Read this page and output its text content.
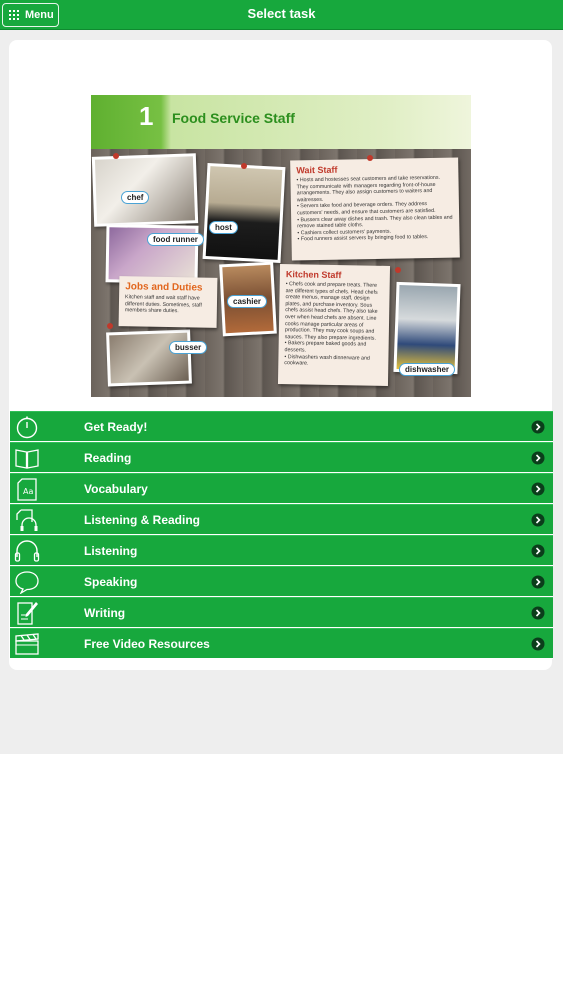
Select task
Menu
1 Food Service Staff
Wait Staff

• Hosts and hostesses seat customers and take reservations. They communicate with managers regarding front-of-house arrangements. They also assign customers to waiters and waitresses.

• Servers take food and beverage orders. They address customers' needs, and ensure that customers are satisfied.

• Bussers clear away dishes and trash. They also clean tables and remove stained table cloths.

• Cashiers collect customers' payments.

• Food runners assist servers by bringing food to tables.

Kitchen Staff

• Chefs cook and prepare treats. There are different types of chefs. Head chefs create menus, manage staff, design plates, and purchase inventory. Sous chefs assist head chefs. They also take over when head chefs are absent. Line cooks manage particular areas of production. They may cook soups and sauces. They also prepare ingredients.

• Bakers prepare baked goods and desserts.

• Dishwashers wash dinnerware and cookware.

Jobs and Duties

Kitchen staff and wait staff have different duties. Sometimes, staff members share duties.

chef
host
food runner
cashier
busser
dishwasher
Get Ready!
Reading
Aa	Vocabulary
Listening & Reading
Listening
Speaking
Writing
Free Video Resources
